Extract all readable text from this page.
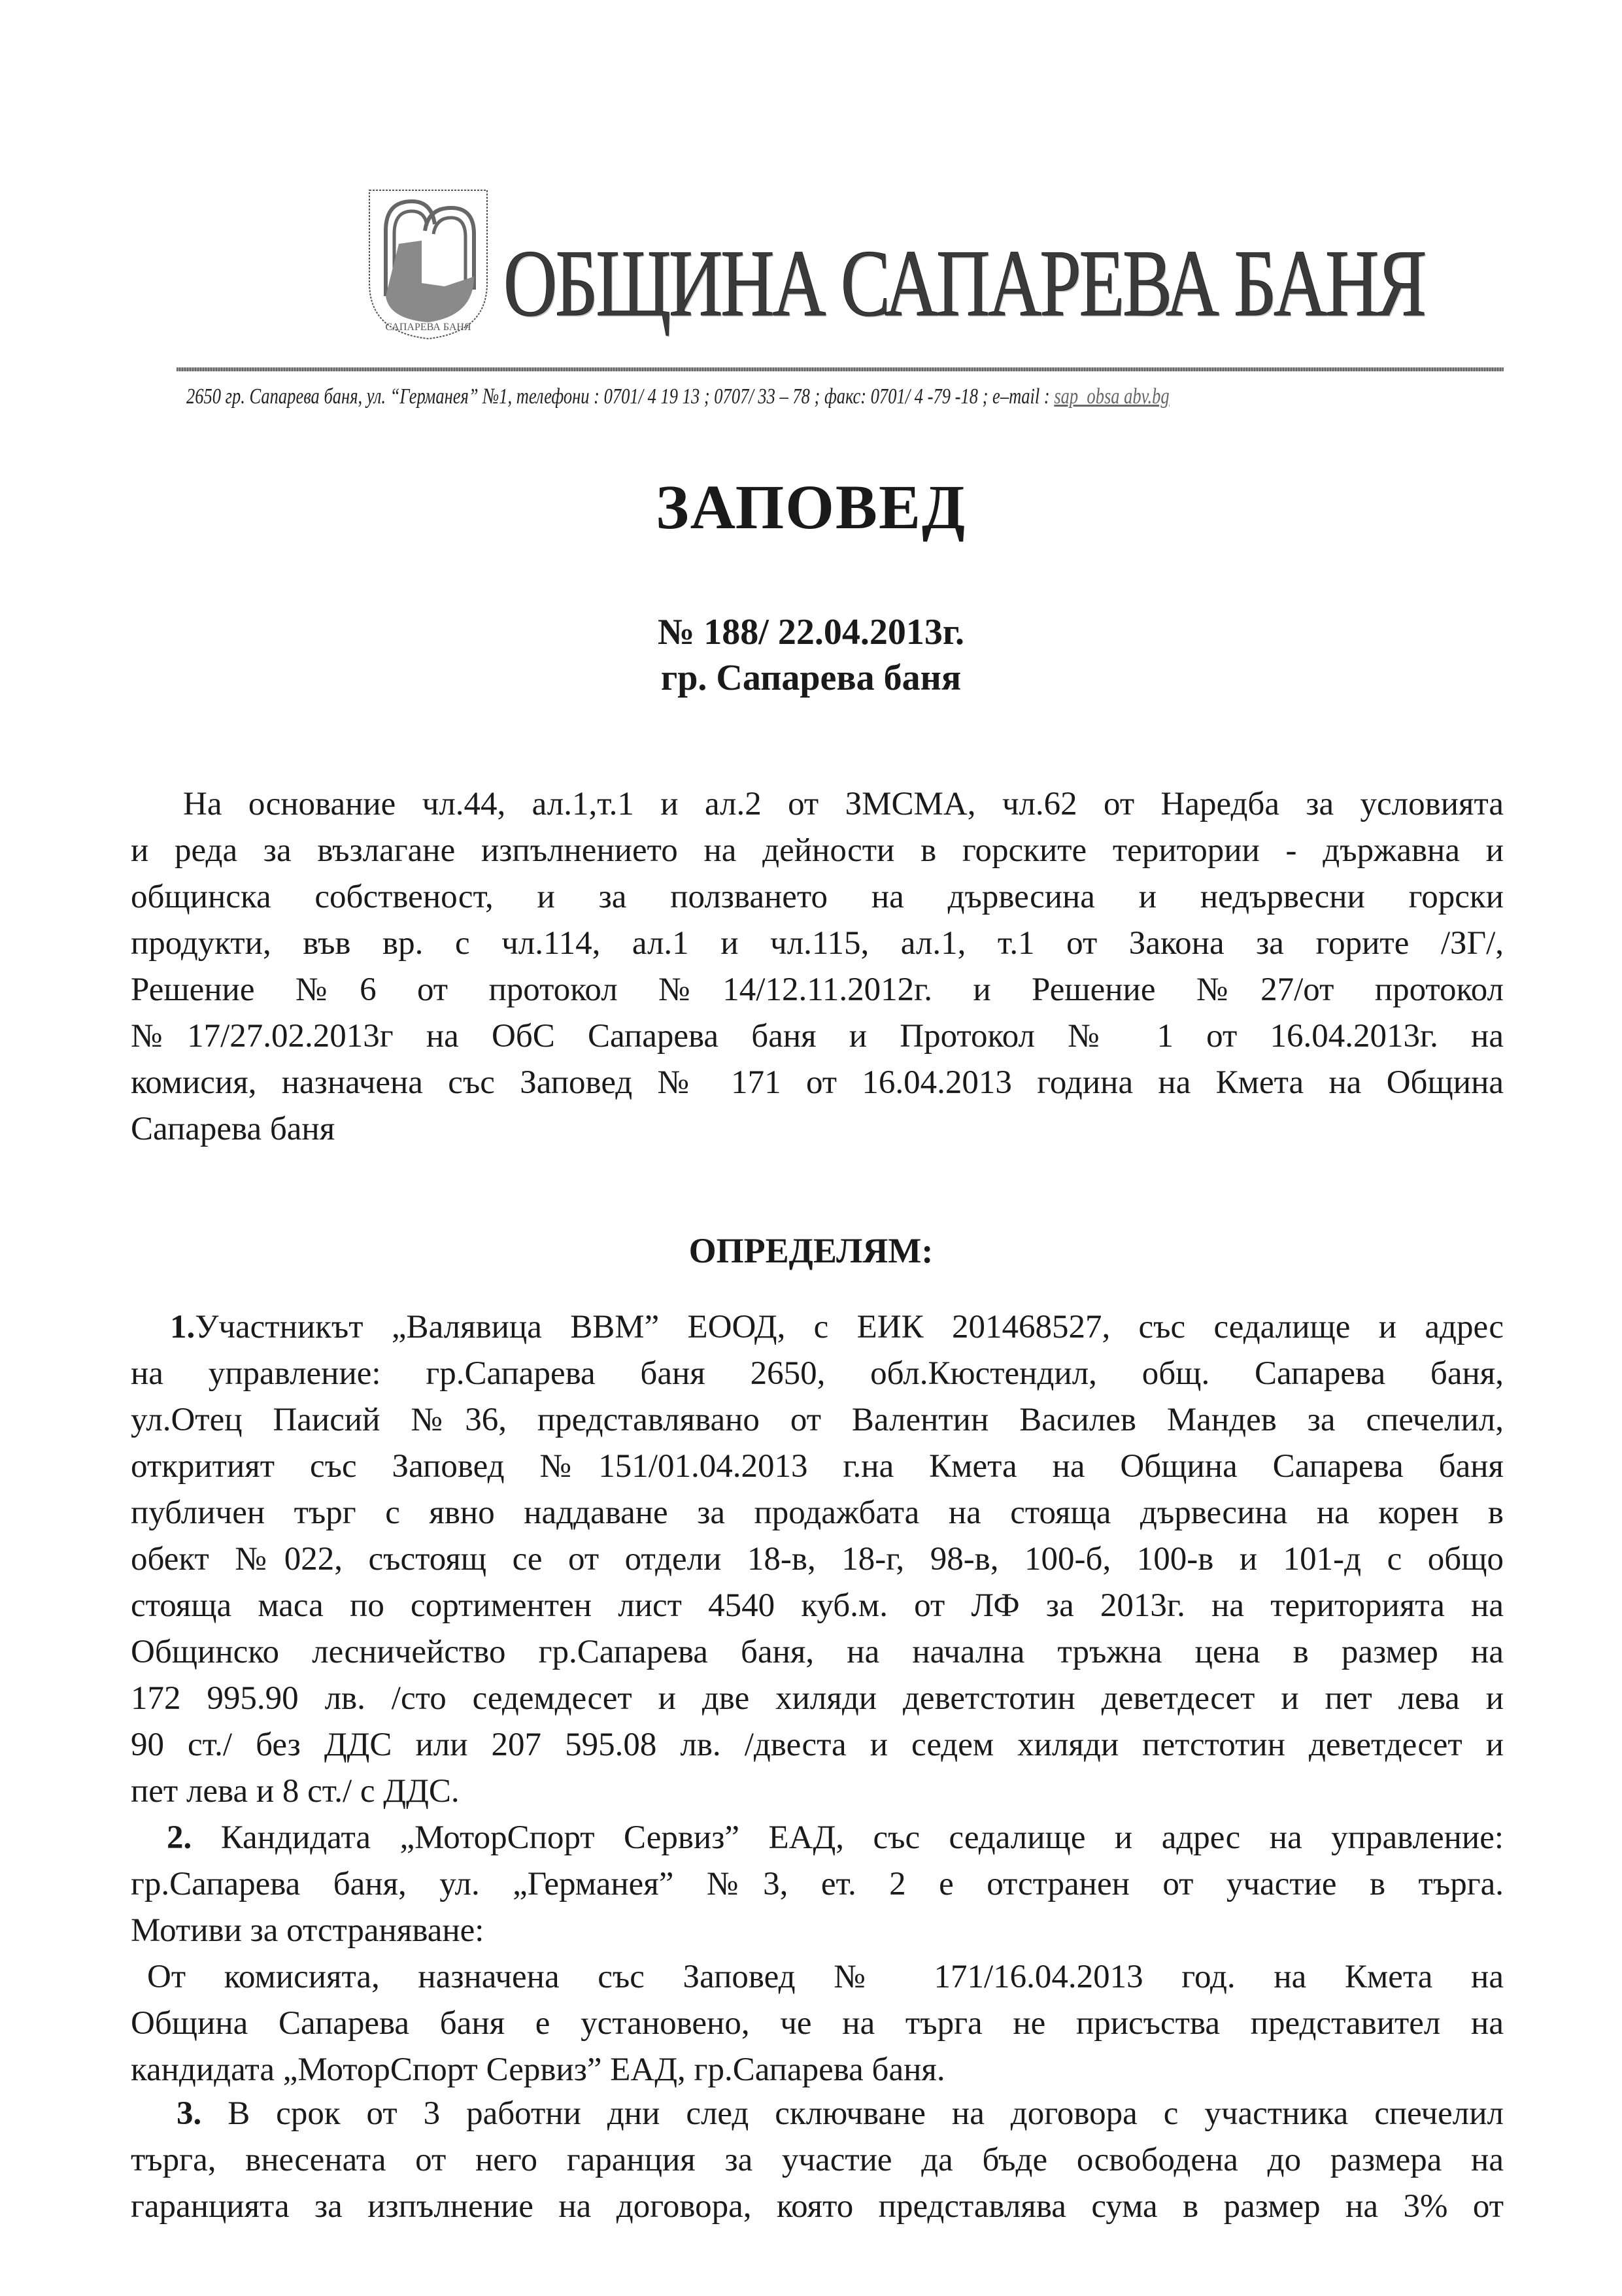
САПАРЕВА БАНЯ ОБЩИНА САПАРЕВА БАНЯ
2650 гр. Сапарева баня, ул. “Германея” №1, телефони : 0701/ 4 19 13 ; 0707/ 33 – 78 ; факс: 0701/ 4 -79 -18 ; e–mail : sap_obsa abv.bg
ЗАПОВЕД
№ 188/ 22.04.2013г.
гр. Сапарева баня
На основание чл.44, ал.1,т.1 и ал.2 от ЗМСМА, чл.62 от Наредба за условията
и реда за възлагане изпълнението на дейности в горските територии - държавна и
общинска собственост, и за ползването на дървесина и недървесни горски
продукти, във вр. с чл.114, ал.1 и чл.115, ал.1, т.1 от Закона за горите /ЗГ/,
Решение №6 от протокол №14/12.11.2012г. и Решение №27/от протокол
№17/27.02.2013г на ОбС Сапарева баня и Протокол № 1 от 16.04.2013г. на
комисия, назначена със Заповед № 171 от 16.04.2013 година на Кмета на Община
Сапарева баня
ОПРЕДЕЛЯМ:
1.Участникът „Валявица ВВМ” ЕООД, с ЕИК 201468527, със седалище и адрес
на управление: гр.Сапарева баня 2650, обл.Кюстендил, общ. Сапарева баня,
ул.Отец Паисий №36, представлявано от Валентин Василев Мандев за спечелил,
откритият със Заповед №151/01.04.2013 г.на Кмета на Община Сапарева баня
публичен търг с явно наддаване за продажбата на стояща дървесина на корен в
обект №022, състоящ се от отдели 18-в, 18-г, 98-в, 100-б, 100-в и 101-д с общо
стояща маса по сортиментен лист 4540 куб.м. от ЛФ за 2013г. на територията на
Общинско лесничейство гр.Сапарева баня, на начална тръжна цена в размер на
172 995.90 лв. /сто седемдесет и две хиляди деветстотин деветдесет и пет лева и
90 ст./ без ДДС или 207 595.08 лв. /двеста и седем хиляди петстотин деветдесет и
пет лева и 8 ст./ с ДДС.
2. Кандидата „МоторСпорт Сервиз” ЕАД, със седалище и адрес на управление:
гр.Сапарева баня, ул. „Германея” №3, ет. 2 е отстранен от участие в търга.
Мотиви за отстраняване:
От комисията, назначена със Заповед № 171/16.04.2013 год. на Кмета на
Община Сапарева баня е установено, че на търга не присъства представител на
кандидата „МоторСпорт Сервиз” ЕАД, гр.Сапарева баня.
3. В срок от 3 работни дни след сключване на договора с участника спечелил
търга, внесената от него гаранция за участие да бъде освободена до размера на
гаранцията за изпълнение на договора, която представлява сума в размер на 3% от
